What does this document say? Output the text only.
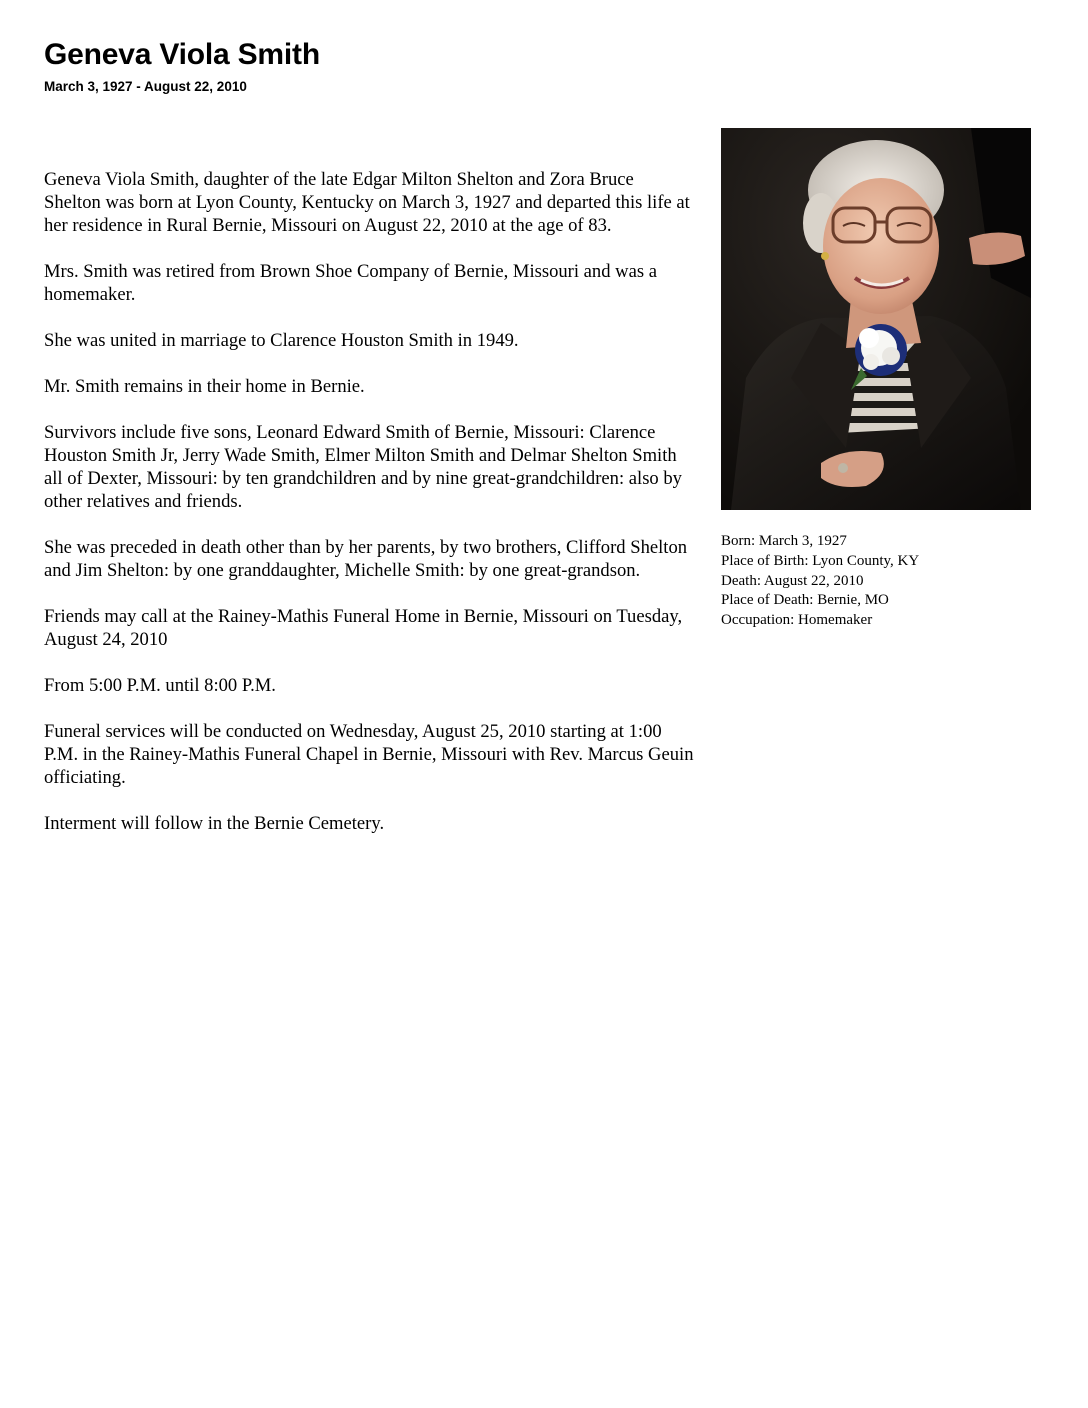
Geneva Viola Smith
March 3, 1927 - August 22, 2010

Geneva Viola Smith, daughter of the late Edgar Milton Shelton and Zora Bruce Shelton was born at Lyon County, Kentucky on March 3, 1927 and departed this life at her residence in Rural Bernie, Missouri on August 22, 2010 at the age of 83.

Mrs. Smith was retired from Brown Shoe Company of Bernie, Missouri and was a homemaker.

She was united in marriage to Clarence Houston Smith in 1949.

Mr. Smith remains in their home in Bernie.

Survivors include five sons, Leonard Edward Smith of Bernie, Missouri: Clarence Houston Smith Jr, Jerry Wade Smith, Elmer Milton Smith and Delmar Shelton Smith all of Dexter, Missouri: by ten grandchildren and by nine great-grandchildren: also by other relatives and friends.

She was preceded in death other than by her parents, by two brothers, Clifford Shelton and Jim Shelton: by one granddaughter, Michelle Smith: by one great-grandson.

Friends may call at the Rainey-Mathis Funeral Home in Bernie, Missouri on Tuesday, August 24, 2010

From 5:00 P.M. until 8:00 P.M.

Funeral services will be conducted on Wednesday, August 25, 2010 starting at 1:00 P.M. in the Rainey-Mathis Funeral Chapel in Bernie, Missouri with Rev. Marcus Geuin officiating.

Interment will follow in the Bernie Cemetery.

Born: March 3, 1927
Place of Birth: Lyon County, KY
Death: August 22, 2010
Place of Death: Bernie, MO
Occupation: Homemaker
